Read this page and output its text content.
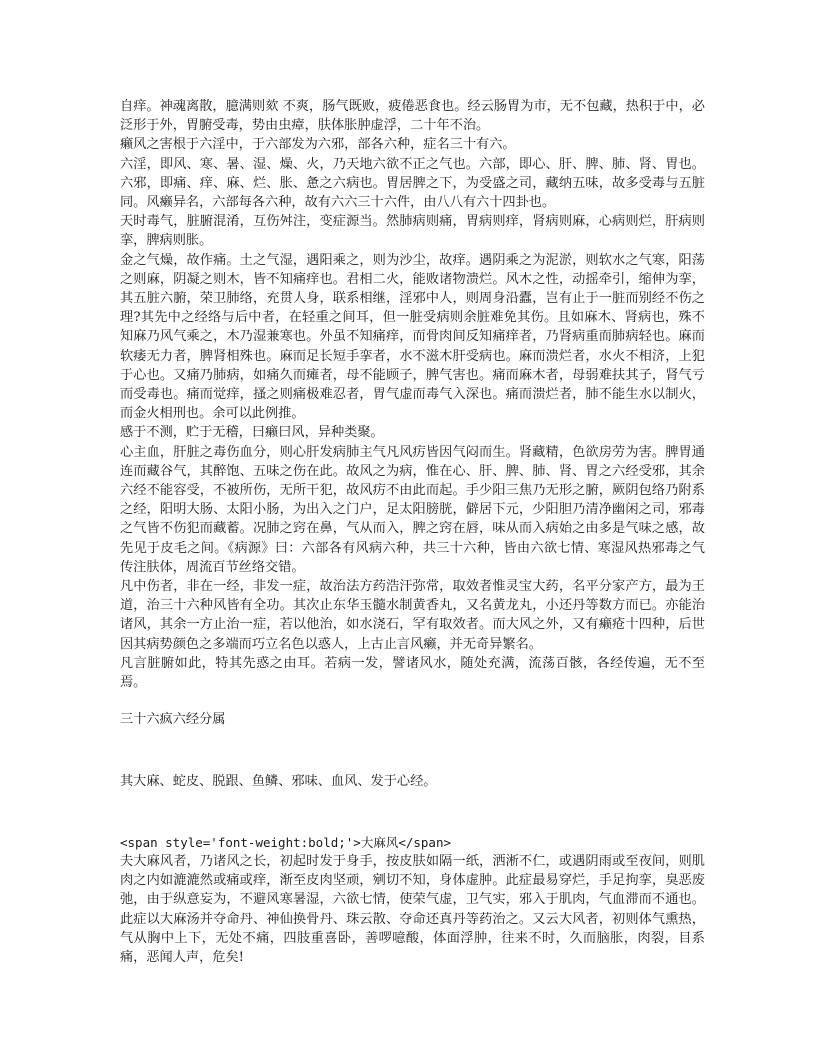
自痒。神魂离散，臆满则欬 不爽，肠气既败，疲倦恶食也。经云肠胃为市，无不包藏，热积于中，必泛形于外，胃腑受毒，势由虫瘴，肤体胀肿虚浮，二十年不治。

癞风之害根于六淫中，于六部发为六邪，部各六种，症名三十有六。

六淫，即风、寒、暑、湿、燥、火，乃天地六欲不正之气也。六部，即心、肝、脾、肺、肾、胃也。六邪，即痛、痒、麻、烂、胀、惫之六病也。胃居脾之下，为受盛之司，藏纳五味，故多受毒与五脏同。风癞异名，六部每各六种，故有六六三十六件，由八八有六十四卦也。

天时毒气，脏腑混淆，互伤舛注，变症源当。然肺病则痛，胃病则痒，肾病则麻，心病则烂，肝病则挛，脾病则胀。

金之气燥，故作痛。土之气湿，遇阳乘之，则为沙尘，故痒。遇阴乘之为泥淤，则软水之气寒，阳荡之则麻，阴凝之则木，皆不知痛痒也。君相二火，能败诸物溃烂。风木之性，动摇牵引，缩伸为挛，其五脏六腑，荣卫肺络，充贯人身，联系相继，淫邪中人，则周身沿蠹，岂有止于一脏而别经不伤之理?其先中之经络与后中者，在轻重之间耳，但一脏受病则余脏难免其伤。且如麻木、肾病也，殊不知麻乃风气乘之，木乃湿兼寒也。外虽不知痛痒，而骨肉间反知痛痒者，乃肾病重而肺病轻也。麻而软痿无力者，脾肾相殊也。麻而足长短手挛者，水不滋木肝受病也。麻而溃烂者，水火不相济，上犯于心也。又痛乃肺病，如痛久而瘫者，母不能顾子，脾气害也。痛而麻木者，母弱难扶其子，肾气亏而受毒也。痛而觉痒，搔之则痛极难忍者，胃气虚而毒气入深也。痛而溃烂者，肺不能生水以制火，而金火相刑也。余可以此例推。

感于不测，贮于无稽，曰癞曰风，异种类聚。

心主血，肝脏之毒伤血分，则心肝发病肺主气凡风疠皆因气闷而生。肾藏精，色欲房劳为害。脾胃通连而藏谷气，其醉饱、五味之伤在此。故风之为病，惟在心、肝、脾、肺、肾、胃之六经受邪，其余六经不能容受，不被所伤，无所干犯，故风疠不由此而起。手少阳三焦乃无形之腑，厥阴包络乃附系之经，阳明大肠、太阳小肠，为出入之门户，足太阳膀胱，僻居下元，少阳胆乃清净幽闲之司，邪毒之气皆不伤犯而藏蓄。况肺之窍在鼻，气从而入，脾之窍在唇，味从而入病始之由多是气味之感，故先见于皮毛之间。《病源》曰：六部各有风病六种，共三十六种，皆由六欲七情、寒湿风热邪毒之气传注肤体，周流百节丝络交错。

凡中伤者，非在一经，非发一症，故治法方药浩汗弥常，取效者惟灵宝大药，名平分家产方，最为王道，治三十六种风皆有全功。其次止东华玉髓水制黄香丸，又名黄龙丸，小还丹等数方而已。亦能治诸风，其余一方止治一症，若以他治，如水浇石，罕有取效者。而大风之外，又有癞疮十四种，后世因其病势颜色之多端而巧立名色以惑人，上古止言风癞，并无奇异繁名。

凡言脏腑如此，特其先惑之由耳。若病一发，譬诸风水，随处充满，流荡百骸，各经传遍，无不至焉。

三十六疯六经分属

其大麻、蛇皮、脱跟、鱼鳞、邪味、血风、发于心经。

<span style='font-weight:bold;'>大麻风</span>

夫大麻风者，乃诸风之长，初起时发于身手，按皮肤如隔一纸，洒淅不仁，或遇阴雨或至夜间，则肌肉之内如漉漉然或痛或痒，渐至皮肉坚顽，剜切不知，身体虚肿。此症最易穿烂，手足拘挛，臭恶废弛，由于纵意妄为，不避风寒暑湿，六欲七情，使荣气虚，卫气实，邪入于肌肉，气血滞而不通也。此症以大麻汤并夺命丹、神仙换骨丹、珠云散、夺命还真丹等药治之。又云大风者，初则体气熏热，气从胸中上下，无处不痛，四肢重喜卧，善啰噫酸，体面浮肿，往来不时，久而脑胀，肉裂，目系痛，恶闻人声，危矣!
